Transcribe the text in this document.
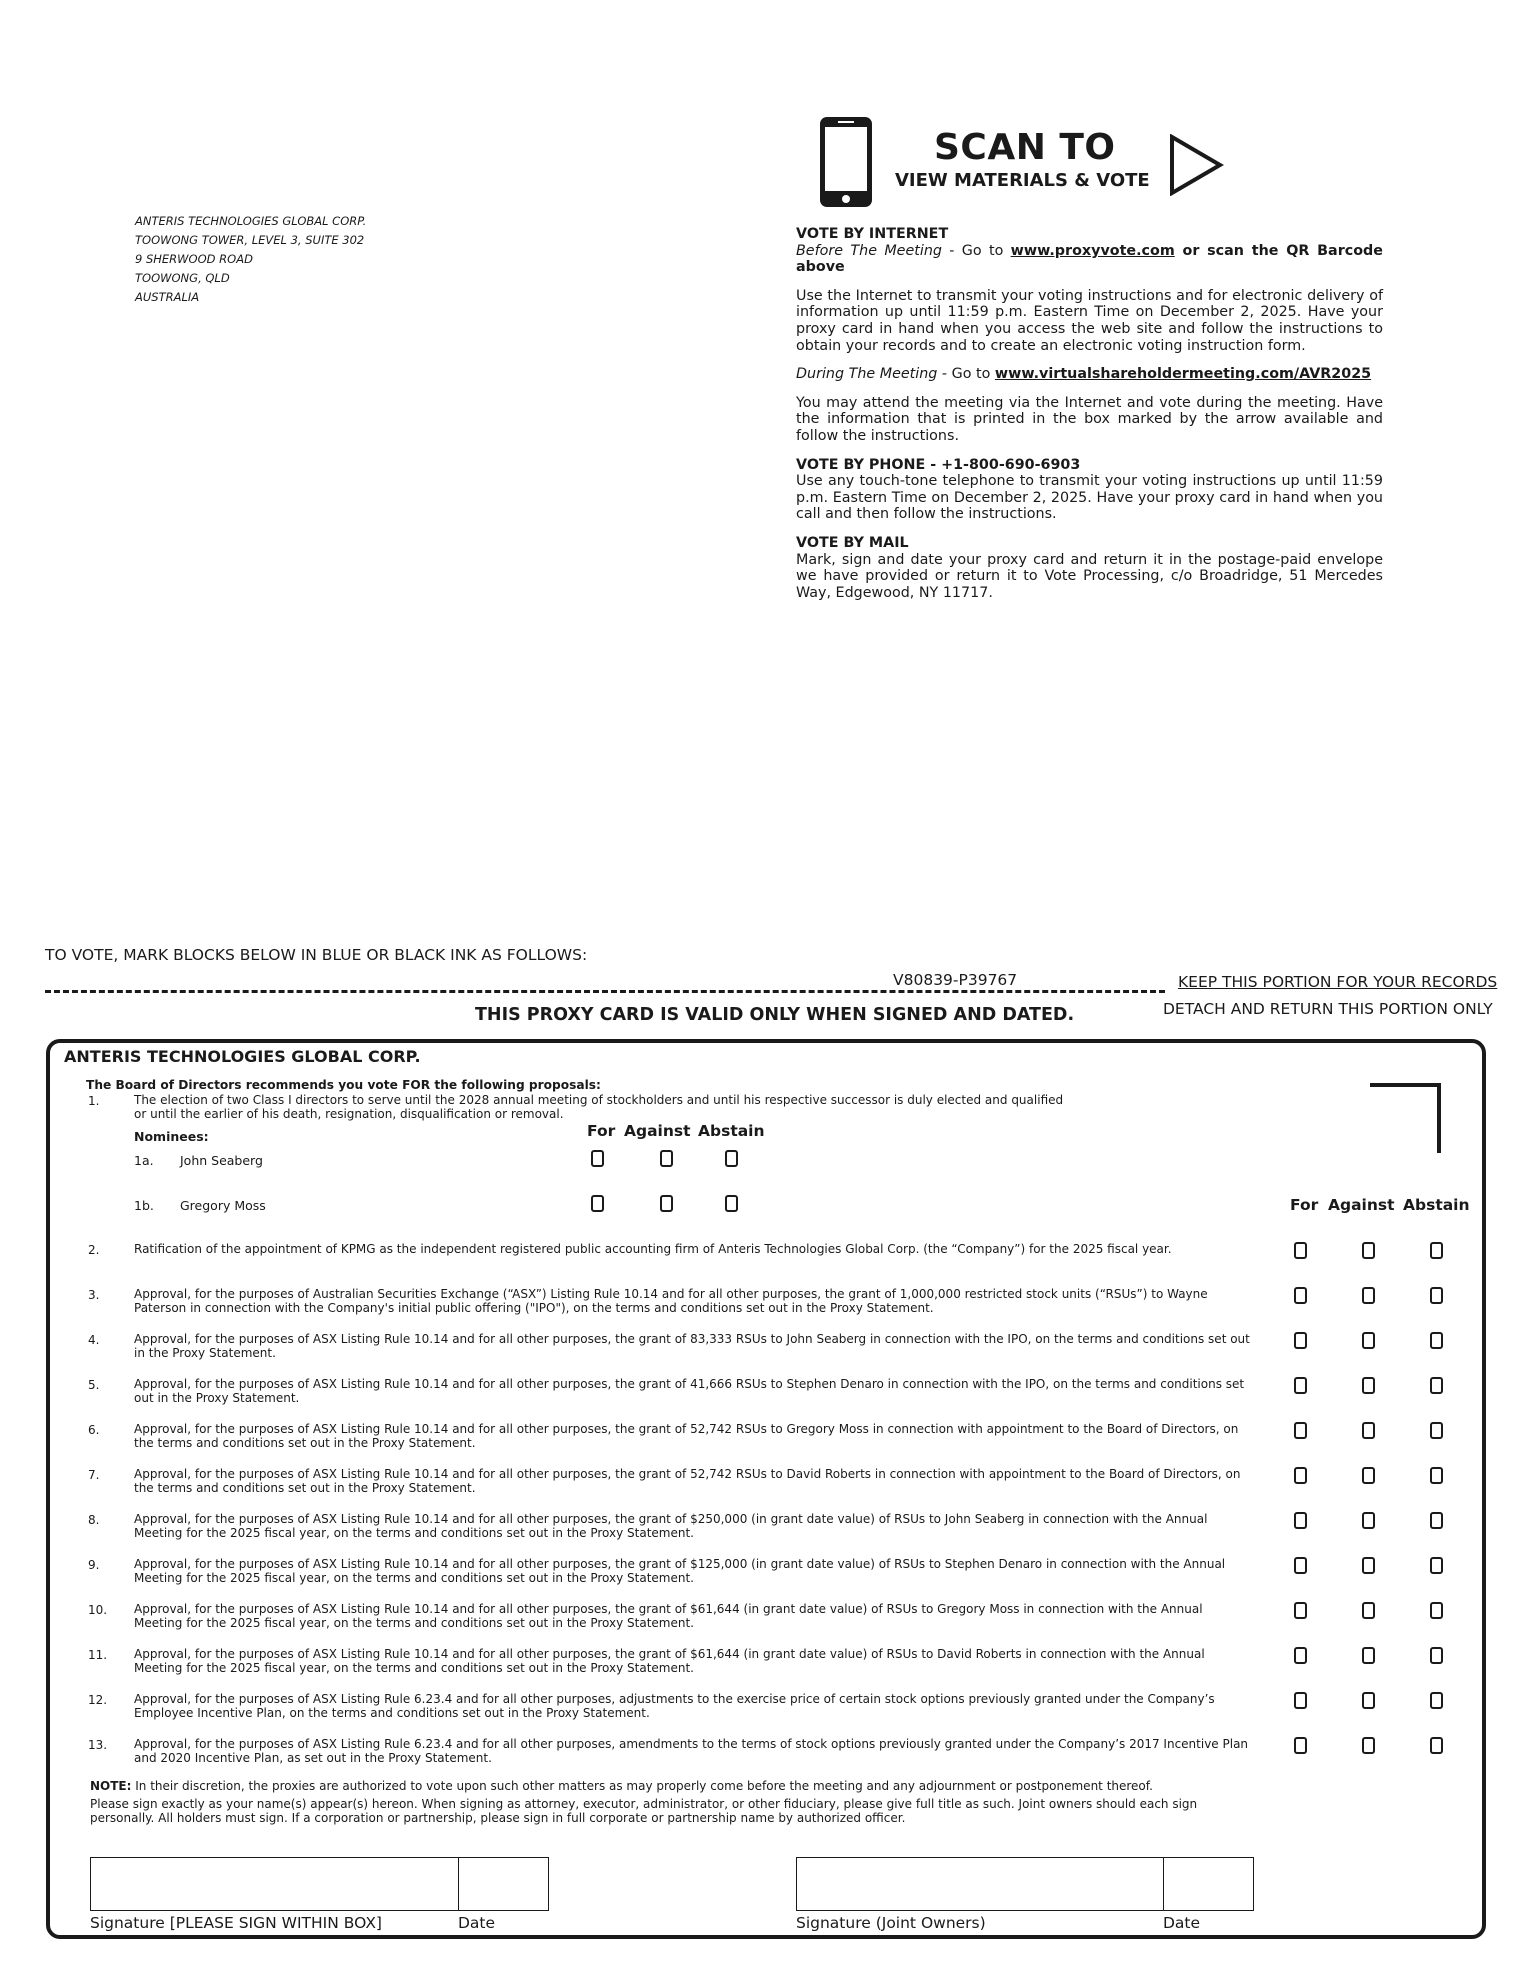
ANTERIS TECHNOLOGIES GLOBAL CORP.
TOOWONG TOWER, LEVEL 3, SUITE 302
9 SHERWOOD ROAD
TOOWONG, QLD
AUSTRALIA
SCAN TO
VIEW MATERIALS & VOTE

VOTE BY INTERNET

Before The Meeting - Go to www.proxyvote.com or scan the QR Barcode above

Use the Internet to transmit your voting instructions and for electronic delivery of information up until 11:59 p.m. Eastern Time on December 2, 2025. Have your proxy card in hand when you access the web site and follow the instructions to obtain your records and to create an electronic voting instruction form.

During The Meeting - Go to www.virtualshareholdermeeting.com/AVR2025

You may attend the meeting via the Internet and vote during the meeting. Have the information that is printed in the box marked by the arrow available and follow the instructions.

VOTE BY PHONE - +1-800-690-6903

Use any touch-tone telephone to transmit your voting instructions up until 11:59 p.m. Eastern Time on December 2, 2025. Have your proxy card in hand when you call and then follow the instructions.

VOTE BY MAIL

Mark, sign and date your proxy card and return it in the postage-paid envelope we have provided or return it to Vote Processing, c/o Broadridge, 51 Mercedes Way, Edgewood, NY 11717.

TO VOTE, MARK BLOCKS BELOW IN BLUE OR BLACK INK AS FOLLOWS:
V80839-P39767	KEEP THIS PORTION FOR YOUR RECORDS
DETACH AND RETURN THIS PORTION ONLY
THIS PROXY CARD IS VALID ONLY WHEN SIGNED AND DATED.
ANTERIS TECHNOLOGIES GLOBAL CORP.
The Board of Directors recommends you vote FOR the following proposals:
1.	The election of two Class I directors to serve until the 2028 annual meeting of stockholders and until his respective successor is duly elected and qualified or until the earlier of his death, resignation, disqualification or removal.
Nominees:	For Against Abstain
1a. John Seaberg
1b. Gregory Moss	For Against Abstain
2.	Ratification of the appointment of KPMG as the independent registered public accounting firm of Anteris Technologies Global Corp. (the “Company”) for the 2025 fiscal year.
3.	Approval, for the purposes of Australian Securities Exchange (“ASX”) Listing Rule 10.14 and for all other purposes, the grant of 1,000,000 restricted stock units (“RSUs”) to Wayne Paterson in connection with the Company's initial public offering ("IPO"), on the terms and conditions set out in the Proxy Statement.
4.	Approval, for the purposes of ASX Listing Rule 10.14 and for all other purposes, the grant of 83,333 RSUs to John Seaberg in connection with the IPO, on the terms and conditions set out in the Proxy Statement.
5.	Approval, for the purposes of ASX Listing Rule 10.14 and for all other purposes, the grant of 41,666 RSUs to Stephen Denaro in connection with the IPO, on the terms and conditions set out in the Proxy Statement.
6.	Approval, for the purposes of ASX Listing Rule 10.14 and for all other purposes, the grant of 52,742 RSUs to Gregory Moss in connection with appointment to the Board of Directors, on the terms and conditions set out in the Proxy Statement.
7.	Approval, for the purposes of ASX Listing Rule 10.14 and for all other purposes, the grant of 52,742 RSUs to David Roberts in connection with appointment to the Board of Directors, on the terms and conditions set out in the Proxy Statement.
8.	Approval, for the purposes of ASX Listing Rule 10.14 and for all other purposes, the grant of $250,000 (in grant date value) of RSUs to John Seaberg in connection with the Annual Meeting for the 2025 fiscal year, on the terms and conditions set out in the Proxy Statement.
9.	Approval, for the purposes of ASX Listing Rule 10.14 and for all other purposes, the grant of $125,000 (in grant date value) of RSUs to Stephen Denaro in connection with the Annual Meeting for the 2025 fiscal year, on the terms and conditions set out in the Proxy Statement.
10. Approval, for the purposes of ASX Listing Rule 10.14 and for all other purposes, the grant of $61,644 (in grant date value) of RSUs to Gregory Moss in connection with the Annual Meeting for the 2025 fiscal year, on the terms and conditions set out in the Proxy Statement.
11. Approval, for the purposes of ASX Listing Rule 10.14 and for all other purposes, the grant of $61,644 (in grant date value) of RSUs to David Roberts in connection with the Annual Meeting for the 2025 fiscal year, on the terms and conditions set out in the Proxy Statement.
12. Approval, for the purposes of ASX Listing Rule 6.23.4 and for all other purposes, adjustments to the exercise price of certain stock options previously granted under the Company’s Employee Incentive Plan, on the terms and conditions set out in the Proxy Statement.
13. Approval, for the purposes of ASX Listing Rule 6.23.4 and for all other purposes, amendments to the terms of stock options previously granted under the Company’s 2017 Incentive Plan and 2020 Incentive Plan, as set out in the Proxy Statement.
NOTE: In their discretion, the proxies are authorized to vote upon such other matters as may properly come before the meeting and any adjournment or postponement thereof.
Please sign exactly as your name(s) appear(s) hereon. When signing as attorney, executor, administrator, or other fiduciary, please give full title as such. Joint owners should each sign personally. All holders must sign. If a corporation or partnership, please sign in full corporate or partnership name by authorized officer.
Signature [PLEASE SIGN WITHIN BOX]	Date	Signature (Joint Owners)	Date
